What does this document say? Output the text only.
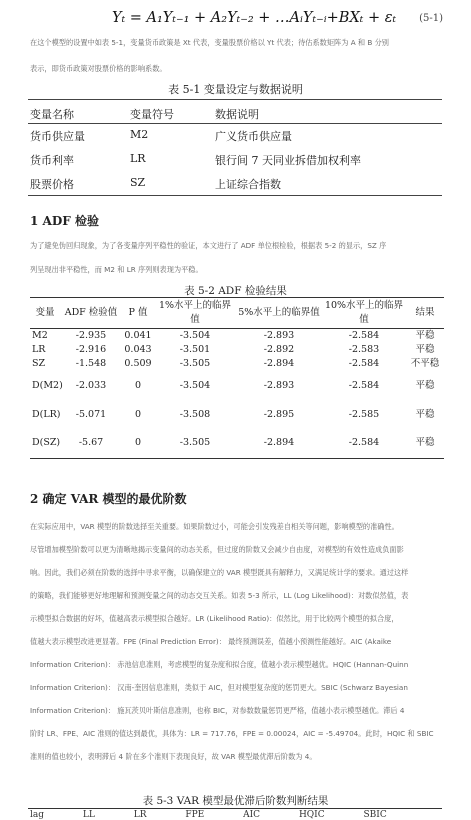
Yₜ = A₁Yₜ₋₁ + A₂Yₜ₋₂ + …AᵢYₜ₋ᵢ+BXₜ + εₜ (5-1)
在这个模型的设置中如表 5-1，变量货币政策是 Xt 代表，变量股票价格以 Yt 代表；待估系数矩阵为 A 和 B 分别
表示，即货币政策对股票价格的影响系数。
表 5-1 变量设定与数据说明
变量名称	变量符号	数据说明
货币供应量	M2	广义货币供应量
货币利率	LR	银行间 7 天同业拆借加权利率
股票价格	SZ	上证综合指数
1 ADF 检验
为了避免伪回归现象，为了各变量序列平稳性的验证，本文进行了 ADF 单位根检验，根据表 5-2 的显示，SZ 序
列呈现出非平稳性，而 M2 和 LR 序列则表现为平稳。
表 5-2 ADF 检验结果
变量	ADF 检验值	P 值	1%水平上的临界值	5%水平上的临界值	10%水平上的临界值	结果
M2	-2.935	0.041	-3.504	-2.893	-2.584	平稳
LR	-2.916	0.043	-3.501	-2.892	-2.583	平稳
SZ	-1.548	0.509	-3.505	-2.894	-2.584	不平稳
D(M2)	-2.033	0	-3.504	-2.893	-2.584	平稳
D(LR)	-5.071	0	-3.508	-2.895	-2.585	平稳
D(SZ)	-5.67	0	-3.505	-2.894	-2.584	平稳
2 确定 VAR 模型的最优阶数
在实际应用中，VAR 模型的阶数选择至关重要。如果阶数过小，可能会引发残差自相关等问题，影响模型的准确性。
尽管增加模型阶数可以更为清晰地揭示变量间的动态关系，但过度的阶数又会减少自由度，对模型的有效性造成负面影
响。因此，我们必须在阶数的选择中寻求平衡，以确保建立的 VAR 模型既具有解释力，又满足统计学的要求。通过这样
的策略，我们能够更好地理解和预测变量之间的动态交互关系。如表 5-3 所示，LL (Log Likelihood)：对数似然值，表
示模型拟合数据的好坏，值越高表示模型拟合越好。LR (Likelihood Ratio)：似然比，用于比较两个模型的拟合度，
值越大表示模型改进更显著。FPE (Final Prediction Error)： 最终预测误差，值越小预测性能越好。AIC (Akaike
Information Criterion)： 赤池信息准则，考虑模型的复杂度和拟合度，值越小表示模型越优。HQIC (Hannan-Quinn
Information Criterion)： 汉南-奎因信息准则，类似于 AIC，但对模型复杂度的惩罚更大。SBIC (Schwarz Bayesian
Information Criterion)： 施瓦茨贝叶斯信息准则，也称 BIC，对参数数量惩罚更严格，值越小表示模型越优。滞后 4
阶时 LR、FPE、AIC 准则的值达到最优，具体为：LR = 717.76，FPE = 0.00024，AIC = -5.49704。此时，HQIC 和 SBIC
准则的值也较小，表明滞后 4 阶在多个准则下表现良好，故 VAR 模型最优滞后阶数为 4。
表 5-3 VAR 模型最优滞后阶数判断结果
lag	LL	LR	FPE	AIC	HQIC	SBIC
